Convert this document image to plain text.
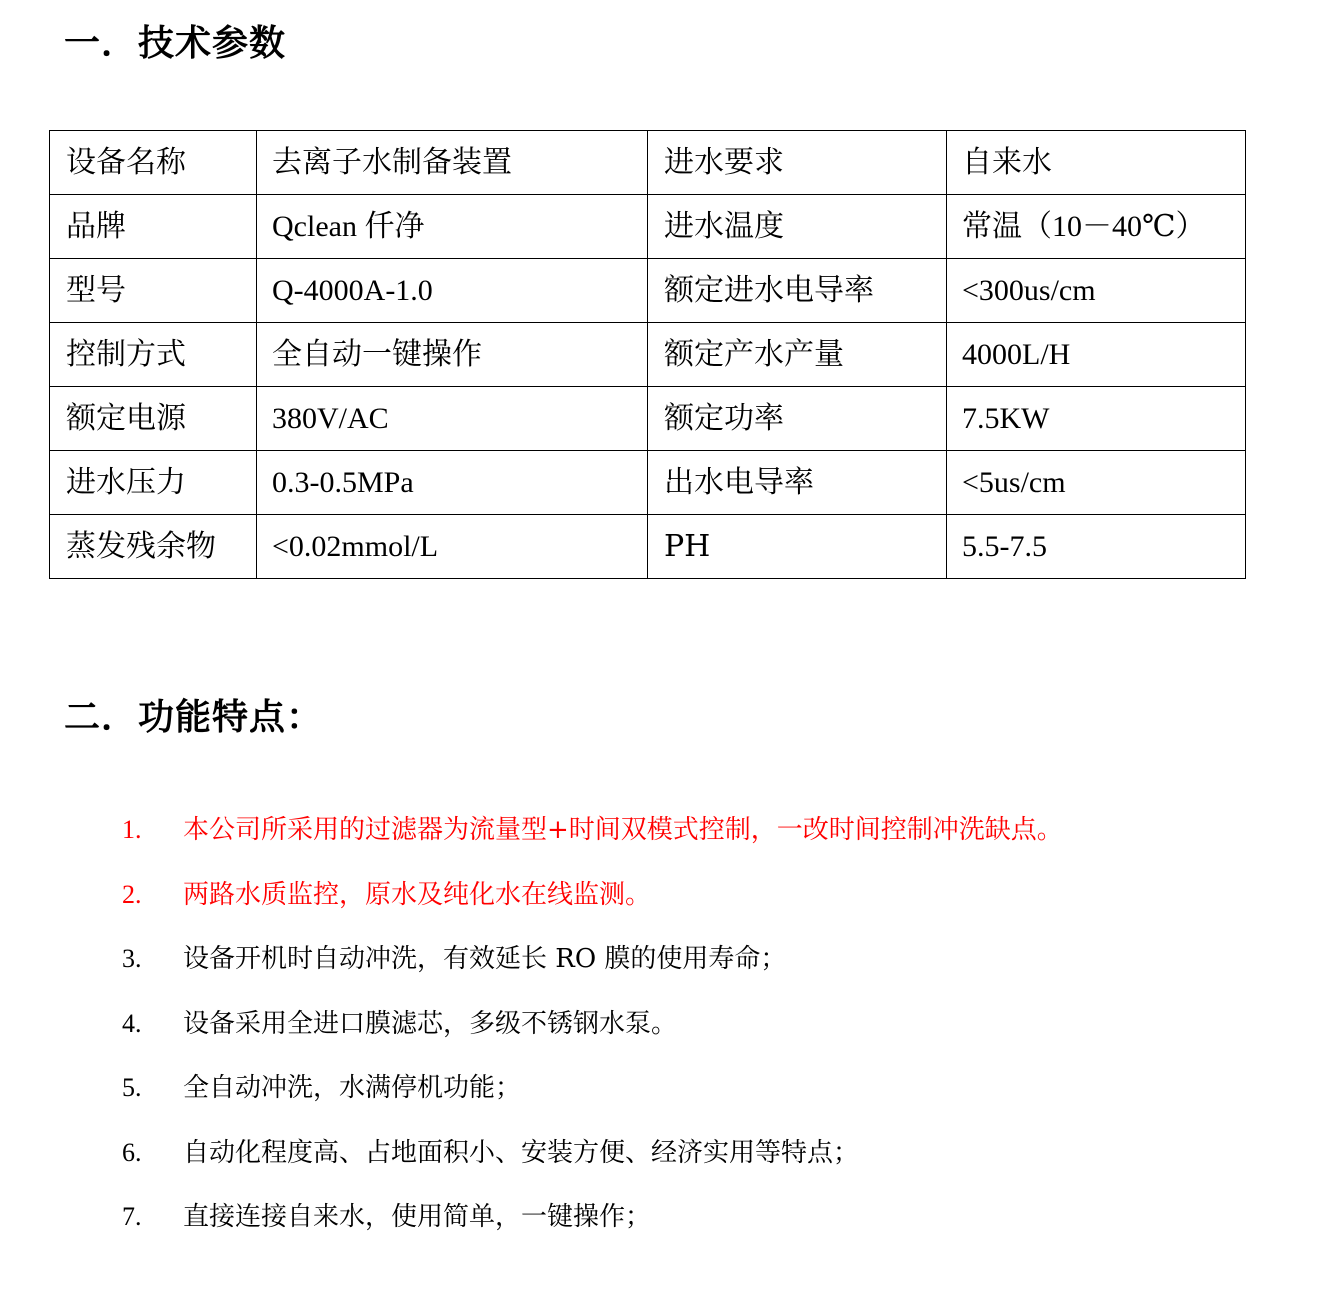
一．技术参数
设备名称	去离子水制备装置	进水要求	自来水
品牌	Qclean 仟净	进水温度	常温（10－40℃）
型号	Q-4000A-1.0	额定进水电导率	<300us/cm
控制方式	全自动一键操作	额定产水产量	4000L/H
额定电源	380V/AC	额定功率	7.5KW
进水压力	0.3-0.5MPa	出水电导率	<5us/cm
蒸发残余物	<0.02mmol/L	PH	5.5-7.5
二．功能特点：
1.	本公司所采用的过滤器为流量型+时间双模式控制，一改时间控制冲洗缺点。
2.	两路水质监控，原水及纯化水在线监测。
3.	设备开机时自动冲洗，有效延长 RO 膜的使用寿命；
4.	设备采用全进口膜滤芯，多级不锈钢水泵。
5.	全自动冲洗，水满停机功能；
6.	自动化程度高、占地面积小、安装方便、经济实用等特点；
7.	直接连接自来水，使用简单，一键操作；
